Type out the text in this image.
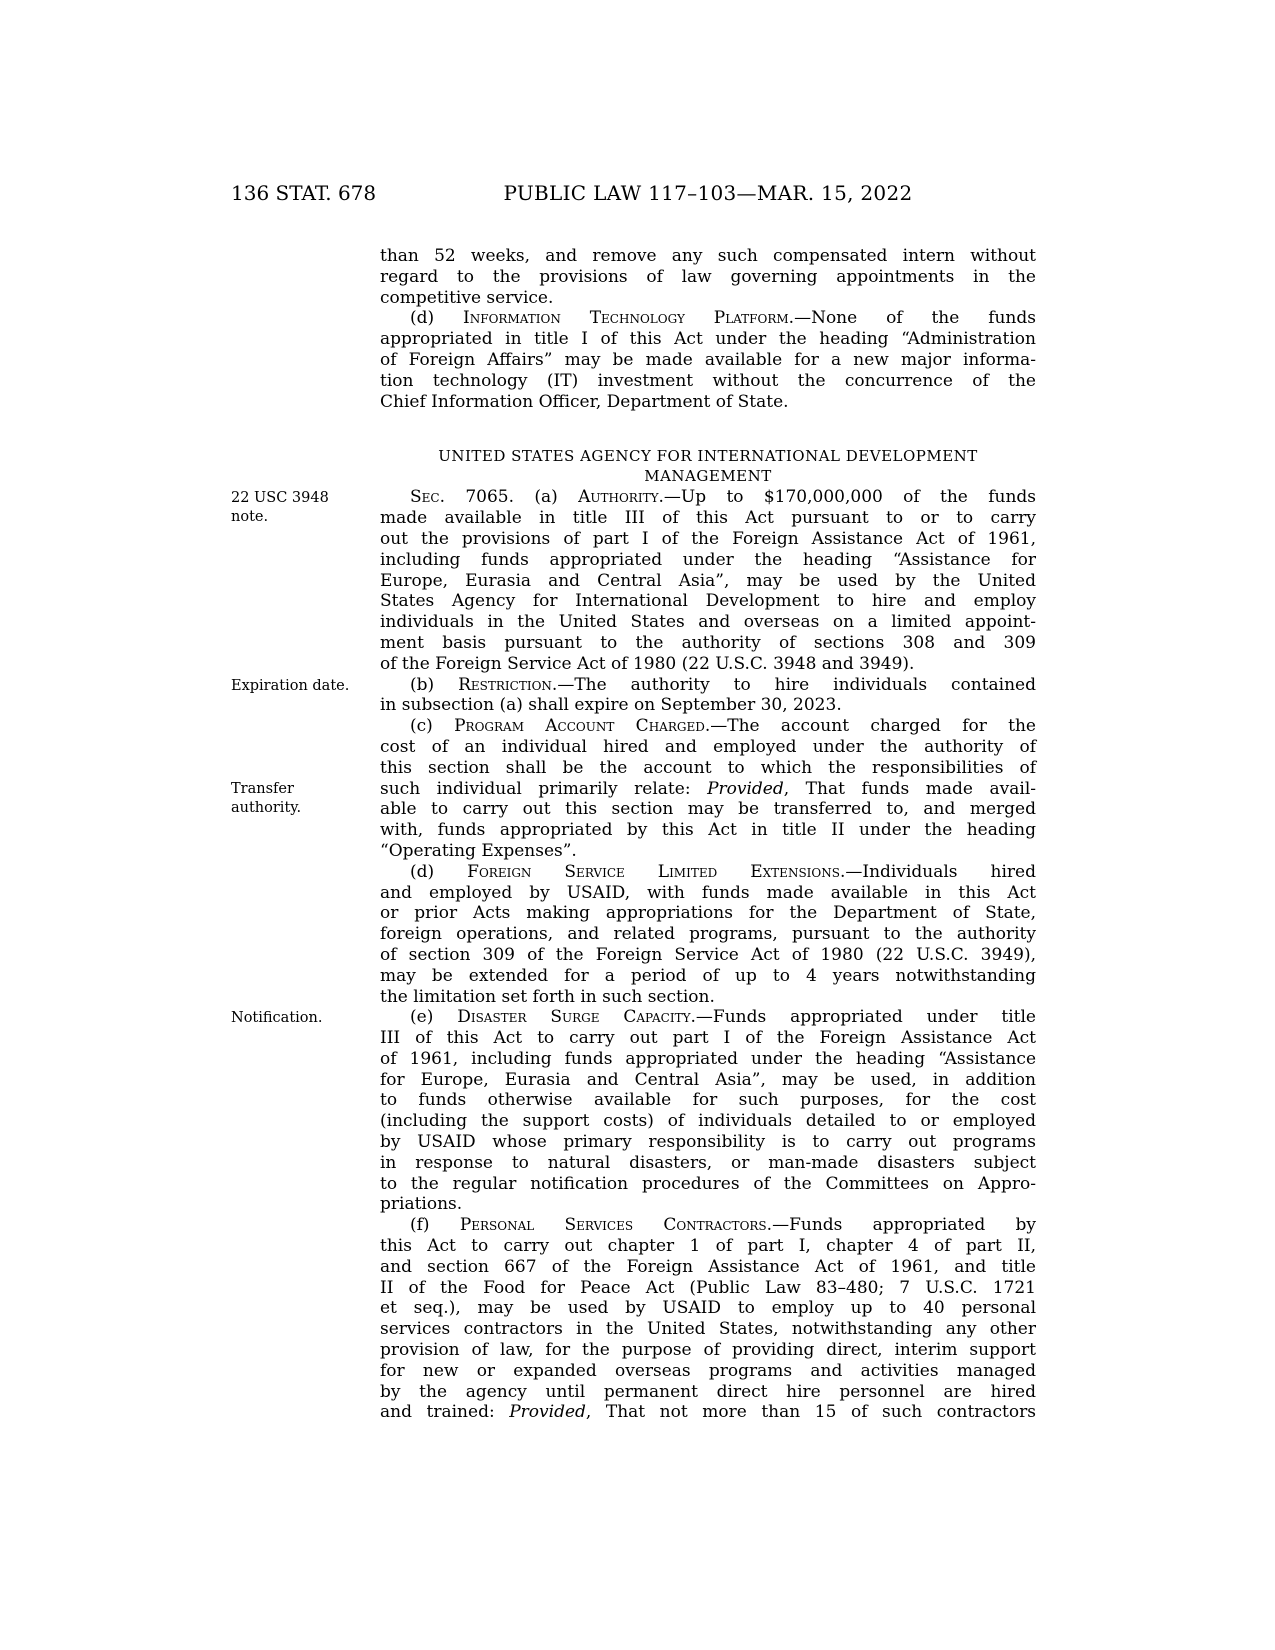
136 STAT. 678	PUBLIC LAW 117–103—MAR. 15, 2022
22 USC 3948
note.
Expiration date.
Transfer
authority.
Notification.
than 52 weeks, and remove any such compensated intern without
regard to the provisions of law governing appointments in the
competitive service.
(d) Information Technology Platform.—None of the funds
appropriated in title I of this Act under the heading “Administration
of Foreign Affairs” may be made available for a new major informa-
tion technology (IT) investment without the concurrence of the
Chief Information Officer, Department of State.
UNITED STATES AGENCY FOR INTERNATIONAL DEVELOPMENT
MANAGEMENT
Sec. 7065. (a) Authority.—Up to $170,000,000 of the funds
made available in title III of this Act pursuant to or to carry
out the provisions of part I of the Foreign Assistance Act of 1961,
including funds appropriated under the heading “Assistance for
Europe, Eurasia and Central Asia”, may be used by the United
States Agency for International Development to hire and employ
individuals in the United States and overseas on a limited appoint-
ment basis pursuant to the authority of sections 308 and 309
of the Foreign Service Act of 1980 (22 U.S.C. 3948 and 3949).
(b) Restriction.—The authority to hire individuals contained
in subsection (a) shall expire on September 30, 2023.
(c) Program Account Charged.—The account charged for the
cost of an individual hired and employed under the authority of
this section shall be the account to which the responsibilities of
such individual primarily relate: Provided, That funds made avail-
able to carry out this section may be transferred to, and merged
with, funds appropriated by this Act in title II under the heading
“Operating Expenses”.
(d) Foreign Service Limited Extensions.—Individuals hired
and employed by USAID, with funds made available in this Act
or prior Acts making appropriations for the Department of State,
foreign operations, and related programs, pursuant to the authority
of section 309 of the Foreign Service Act of 1980 (22 U.S.C. 3949),
may be extended for a period of up to 4 years notwithstanding
the limitation set forth in such section.
(e) Disaster Surge Capacity.—Funds appropriated under title
III of this Act to carry out part I of the Foreign Assistance Act
of 1961, including funds appropriated under the heading “Assistance
for Europe, Eurasia and Central Asia”, may be used, in addition
to funds otherwise available for such purposes, for the cost
(including the support costs) of individuals detailed to or employed
by USAID whose primary responsibility is to carry out programs
in response to natural disasters, or man-made disasters subject
to the regular notification procedures of the Committees on Appro-
priations.
(f) Personal Services Contractors.—Funds appropriated by
this Act to carry out chapter 1 of part I, chapter 4 of part II,
and section 667 of the Foreign Assistance Act of 1961, and title
II of the Food for Peace Act (Public Law 83–480; 7 U.S.C. 1721
et seq.), may be used by USAID to employ up to 40 personal
services contractors in the United States, notwithstanding any other
provision of law, for the purpose of providing direct, interim support
for new or expanded overseas programs and activities managed
by the agency until permanent direct hire personnel are hired
and trained: Provided, That not more than 15 of such contractors
